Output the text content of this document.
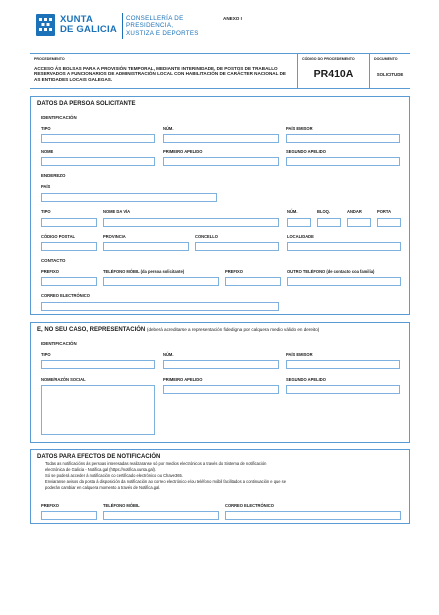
XUNTA
DE GALICIA
CONSELLERÍA DE
PRESIDENCIA,
XUSTIZA E DEPORTES
ANEXO I
PROCEDEMENTO
ACCESO ÁS BOLSAS PARA A PROVISIÓN TEMPORAL, MEDIANTE INTERINIDADE, DE POSTOS DE TRABALLO RESERVADOS A FUNCIONARIOS DE ADMINISTRACIÓN LOCAL CON HABILITACIÓN DE CARÁCTER NACIONAL DE AS ENTIDADES LOCAIS GALEGAS.
CÓDIGO DO PROCEDEMENTO
PR410A
DOCUMENTO
SOLICITUDE
DATOS DA PERSOA SOLICITANTE
IDENTIFICACIÓN
TIPO	NÚM.	PAÍS EMISOR
NOME	PRIMEIRO APELIDO	SEGUNDO APELIDO
ENDEREZO
PAÍS
TIPO	NOME DA VÍA	NÚM.	BLOQ.	ANDAR	PORTA
CÓDIGO POSTAL	PROVINCIA	CONCELLO	LOCALIDADE
CONTACTO
PREFIXO	TELÉFONO MÓBIL (da persoa solicitante)	PREFIXO	OUTRO TELÉFONO (de contacto coa familia)
CORREO ELECTRÓNICO
E, NO SEU CASO, REPRESENTACIÓN (deberá acreditarse a representación fidedigna por calquera medio válido en dereito)
IDENTIFICACIÓN
TIPO	NÚM.	PAÍS EMISOR
NOME/RAZÓN SOCIAL	PRIMEIRO APELIDO	SEGUNDO APELIDO
DATOS PARA EFECTOS DE NOTIFICACIÓN
Todas as notificacións ás persoas interesadas realizaranse só por medios electrónicos a través do Sistema de notificación
electrónica de Galicia - Notifica.gal (https://notifica.xunta.gal).
Só se poderá acceder á notificación co certificado electrónico ou Chave365.
Enviaranse avisos da posta á disposición da notificación ao correo electrónico e/ou teléfono móbil facilitados a continuación e que se
poderán cambiar en calquera momento a través de Notifica.gal.
PREFIXO	TELÉFONO MÓBIL	CORREO ELECTRÓNICO
